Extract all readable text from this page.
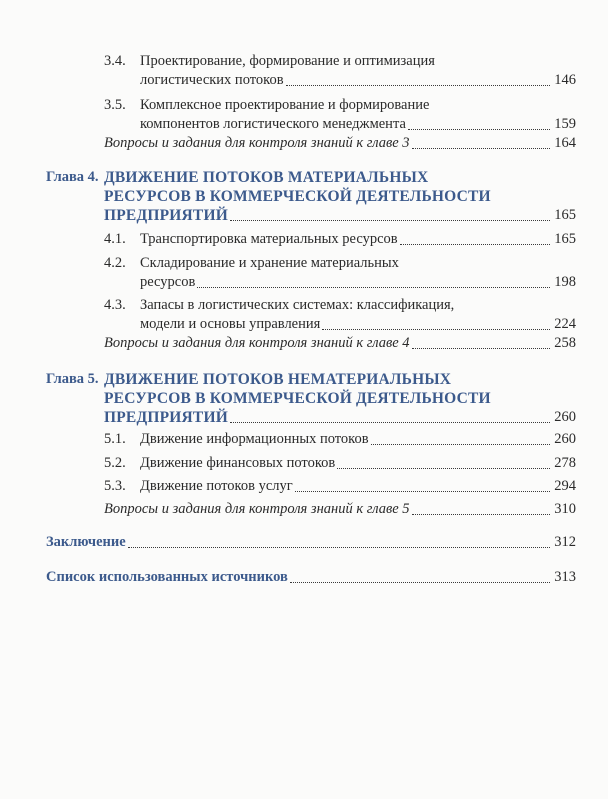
3.4. Проектирование, формирование и оптимизация
логистических потоков	146
3.5. Комплексное проектирование и формирование
компонентов логистического менеджмента	159
Вопросы и задания для контроля знаний к главе 3	164
Глава 4. ДВИЖЕНИЕ ПОТОКОВ МАТЕРИАЛЬНЫХ
РЕСУРСОВ В КОММЕРЧЕСКОЙ ДЕЯТЕЛЬНОСТИ
ПРЕДПРИЯТИЙ	165
4.1. Транспортировка материальных ресурсов	165
4.2. Складирование и хранение материальных
ресурсов	198
4.3. Запасы в логистических системах: классификация,
модели и основы управления	224
Вопросы и задания для контроля знаний к главе 4	258
Глава 5. ДВИЖЕНИЕ ПОТОКОВ НЕМАТЕРИАЛЬНЫХ
РЕСУРСОВ В КОММЕРЧЕСКОЙ ДЕЯТЕЛЬНОСТИ
ПРЕДПРИЯТИЙ	260
5.1. Движение информационных потоков	260
5.2. Движение финансовых потоков	278
5.3. Движение потоков услуг	294
Вопросы и задания для контроля знаний к главе 5	310
Заключение	312
Список использованных источников	313
